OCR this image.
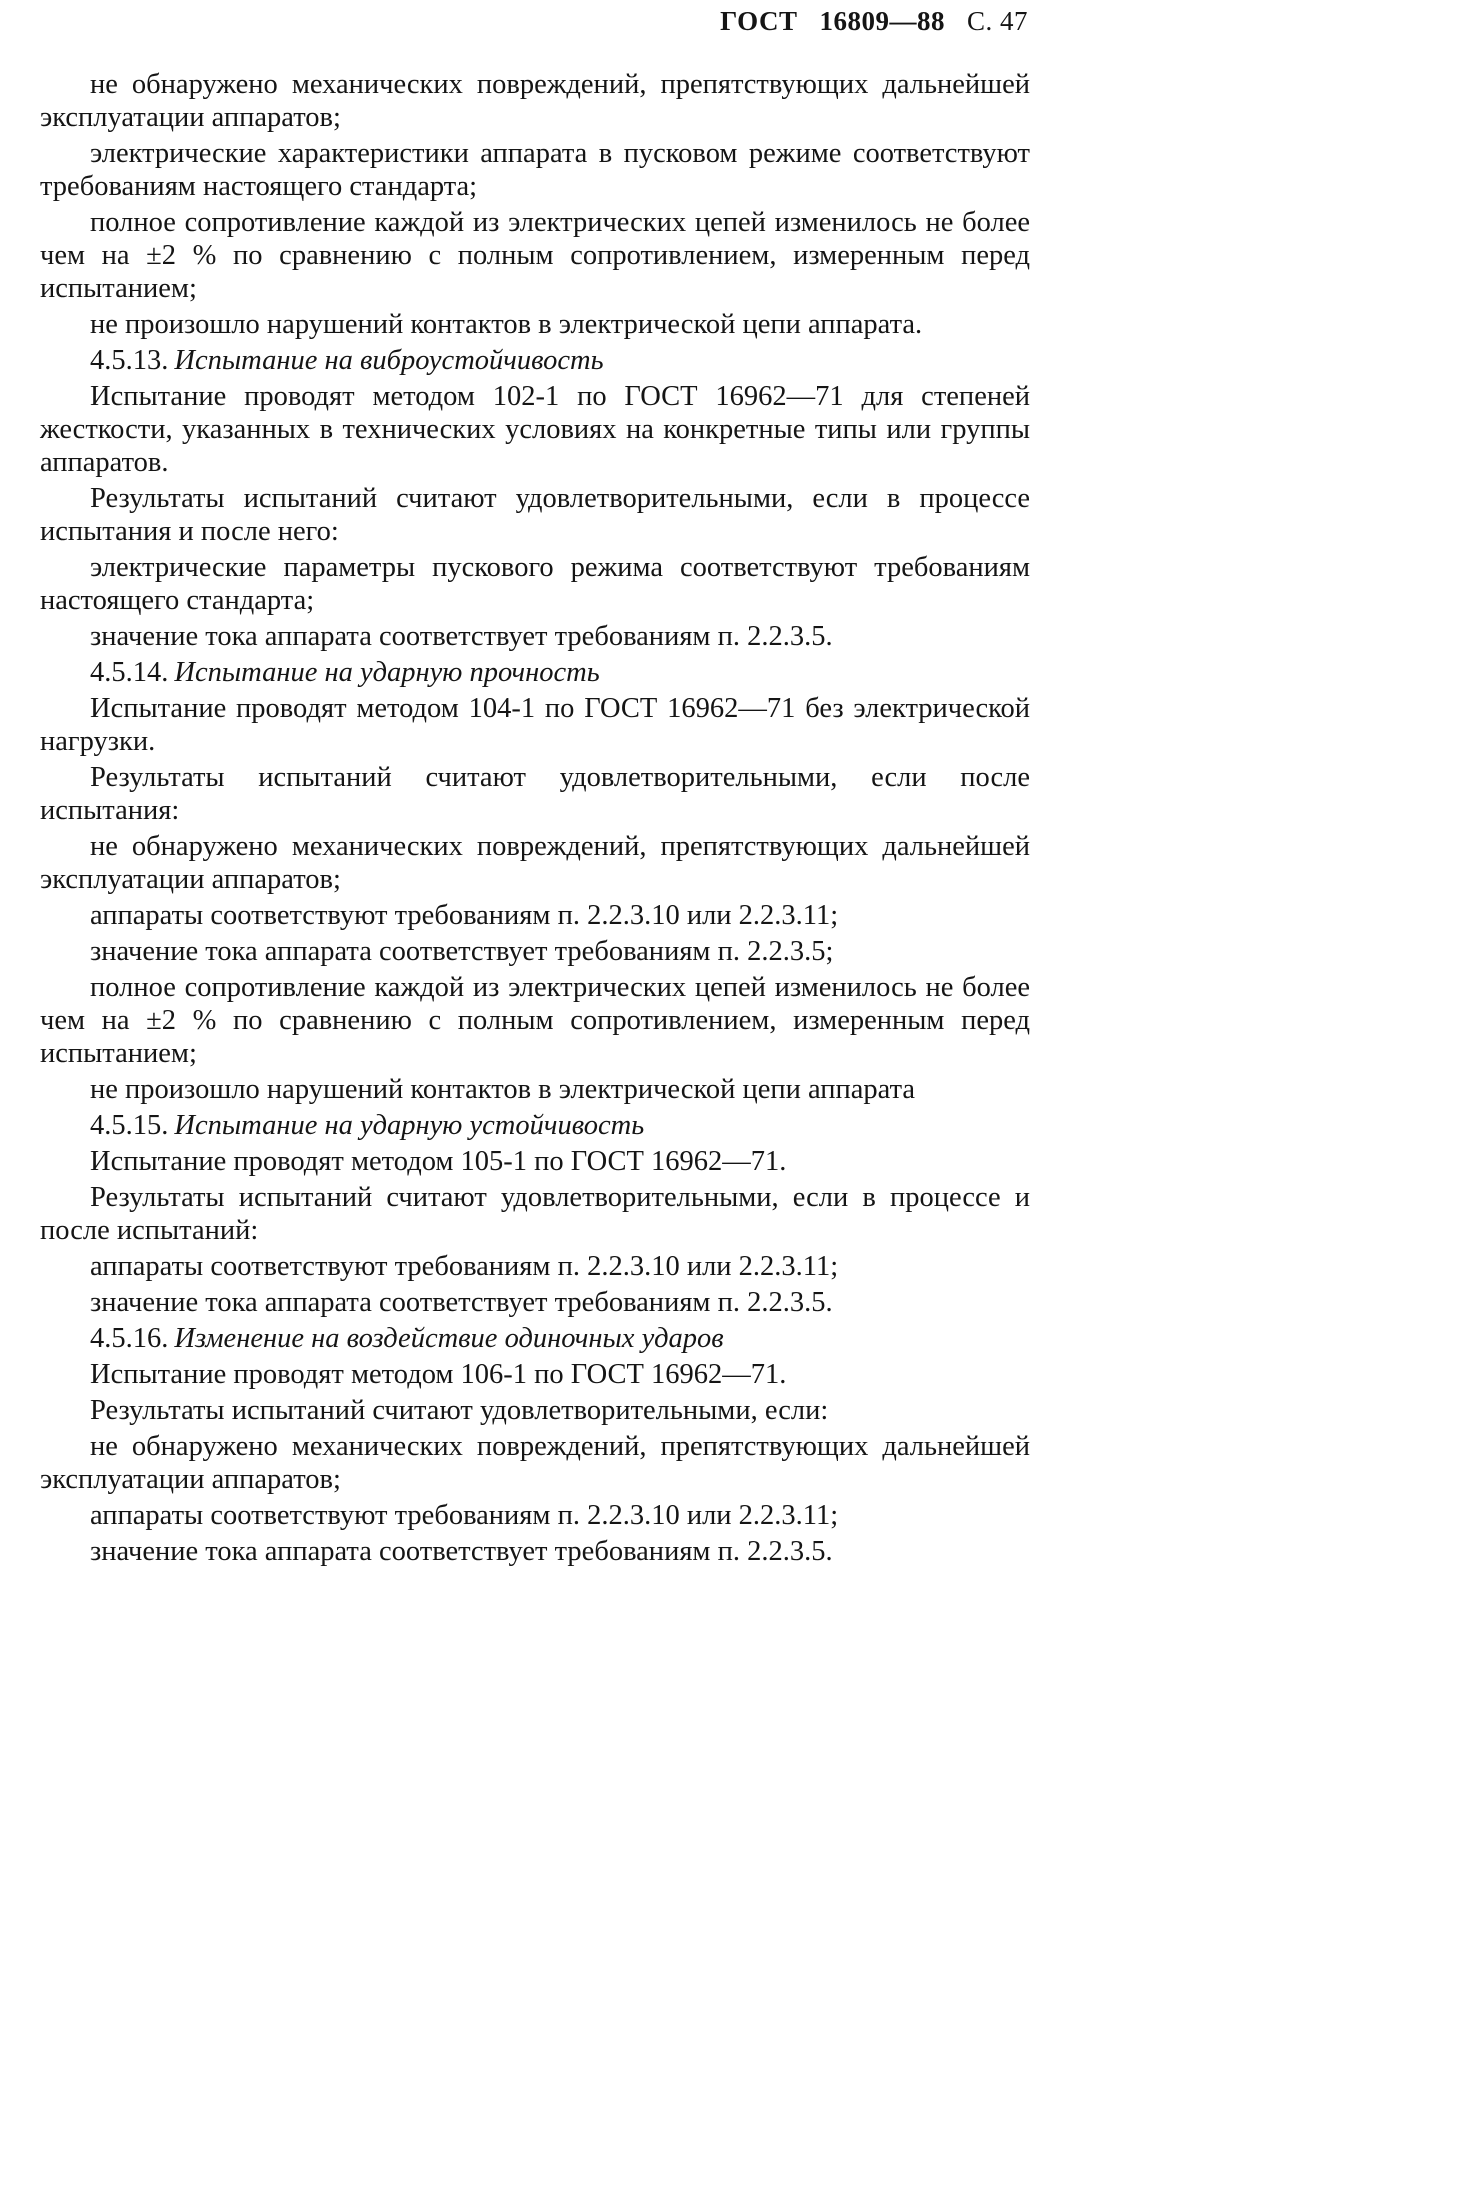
ГОСТ 16809—88 С. 47
не обнаружено механических повреждений, препятствующих дальнейшей эксплуатации аппаратов;
электрические характеристики аппарата в пусковом режиме соответствуют требованиям настоящего стандарта;
полное сопротивление каждой из электрических цепей изменилось не более чем на ±2 % по сравнению с полным сопротивлением, измеренным перед испытанием;
не произошло нарушений контактов в электрической цепи аппарата.
4.5.13. Испытание на виброустойчивость
Испытание проводят методом 102-1 по ГОСТ 16962—71 для степеней жесткости, указанных в технических условиях на конкретные типы или группы аппаратов.
Результаты испытаний считают удовлетворительными, если в процессе испытания и после него:
электрические параметры пускового режима соответствуют требованиям настоящего стандарта;
значение тока аппарата соответствует требованиям п. 2.2.3.5.
4.5.14. Испытание на ударную прочность
Испытание проводят методом 104-1 по ГОСТ 16962—71 без электрической нагрузки.
Результаты испытаний считают удовлетворительными, если после испытания:
не обнаружено механических повреждений, препятствующих дальнейшей эксплуатации аппаратов;
аппараты соответствуют требованиям п. 2.2.3.10 или 2.2.3.11;
значение тока аппарата соответствует требованиям п. 2.2.3.5;
полное сопротивление каждой из электрических цепей изменилось не более чем на ±2 % по сравнению с полным сопротивлением, измеренным перед испытанием;
не произошло нарушений контактов в электрической цепи аппарата
4.5.15. Испытание на ударную устойчивость
Испытание проводят методом 105-1 по ГОСТ 16962—71.
Результаты испытаний считают удовлетворительными, если в процессе и после испытаний:
аппараты соответствуют требованиям п. 2.2.3.10 или 2.2.3.11;
значение тока аппарата соответствует требованиям п. 2.2.3.5.
4.5.16. Изменение на воздействие одиночных ударов
Испытание проводят методом 106-1 по ГОСТ 16962—71.
Результаты испытаний считают удовлетворительными, если:
не обнаружено механических повреждений, препятствующих дальнейшей эксплуатации аппаратов;
аппараты соответствуют требованиям п. 2.2.3.10 или 2.2.3.11;
значение тока аппарата соответствует требованиям п. 2.2.3.5.
